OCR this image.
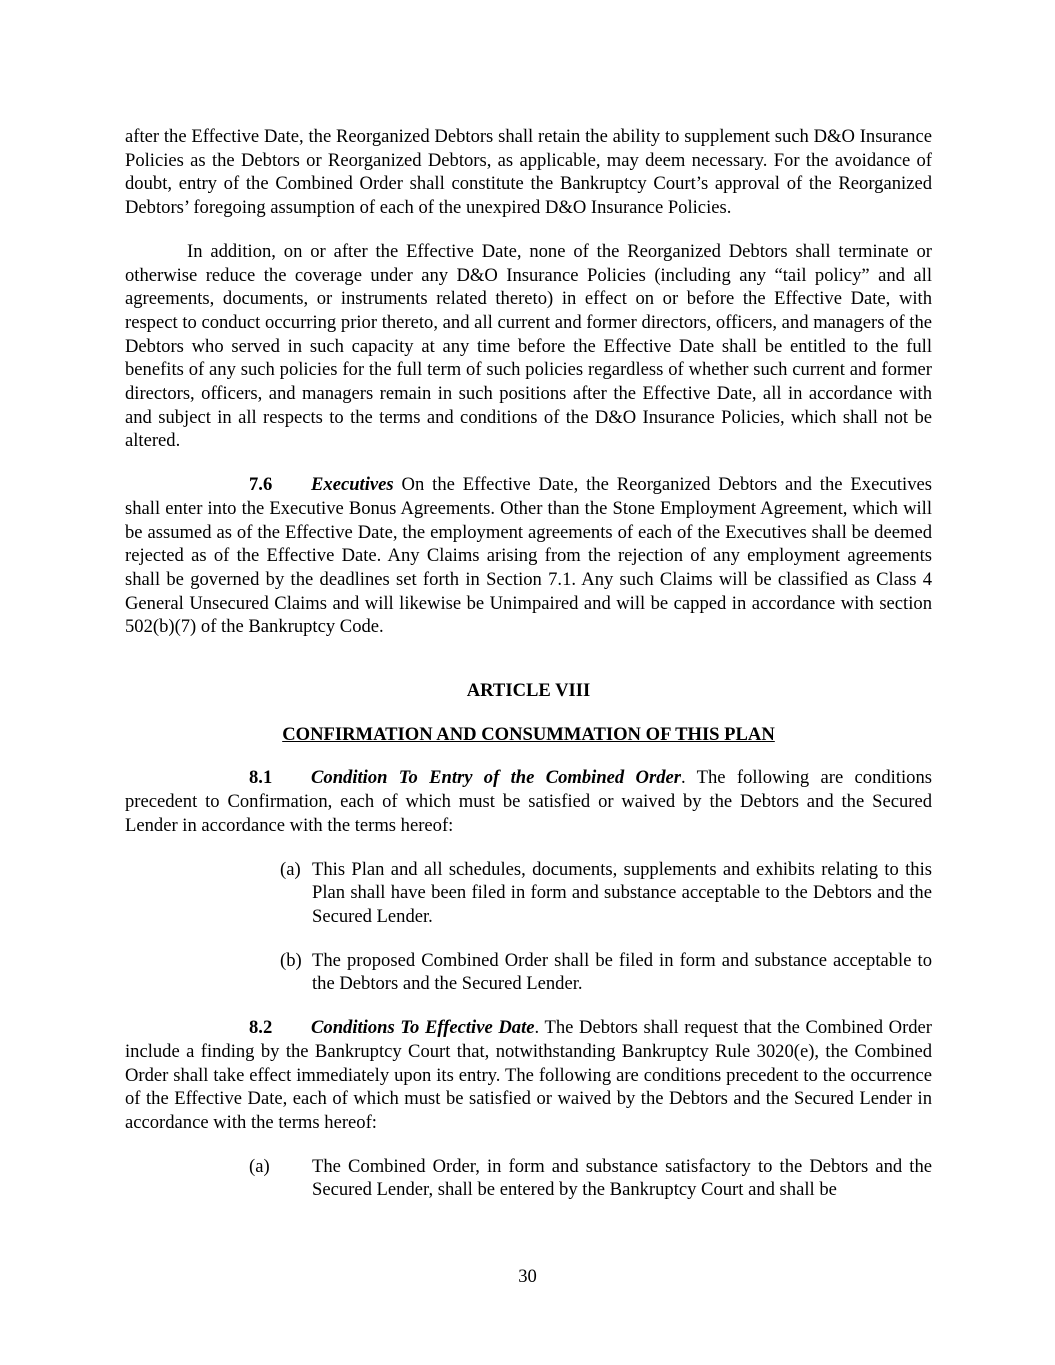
after the Effective Date, the Reorganized Debtors shall retain the ability to supplement such D&O Insurance Policies as the Debtors or Reorganized Debtors, as applicable, may deem necessary. For the avoidance of doubt, entry of the Combined Order shall constitute the Bankruptcy Court’s approval of the Reorganized Debtors’ foregoing assumption of each of the unexpired D&O Insurance Policies.

In addition, on or after the Effective Date, none of the Reorganized Debtors shall terminate or otherwise reduce the coverage under any D&O Insurance Policies (including any “tail policy” and all agreements, documents, or instruments related thereto) in effect on or before the Effective Date, with respect to conduct occurring prior thereto, and all current and former directors, officers, and managers of the Debtors who served in such capacity at any time before the Effective Date shall be entitled to the full benefits of any such policies for the full term of such policies regardless of whether such current and former directors, officers, and managers remain in such positions after the Effective Date, all in accordance with and subject in all respects to the terms and conditions of the D&O Insurance Policies, which shall not be altered.

7.6 Executives On the Effective Date, the Reorganized Debtors and the Executives shall enter into the Executive Bonus Agreements. Other than the Stone Employment Agreement, which will be assumed as of the Effective Date, the employment agreements of each of the Executives shall be deemed rejected as of the Effective Date. Any Claims arising from the rejection of any employment agreements shall be governed by the deadlines set forth in Section 7.1. Any such Claims will be classified as Class 4 General Unsecured Claims and will likewise be Unimpaired and will be capped in accordance with section 502(b)(7) of the Bankruptcy Code.

ARTICLE VIII

CONFIRMATION AND CONSUMMATION OF THIS PLAN

8.1 Condition To Entry of the Combined Order. The following are conditions precedent to Confirmation, each of which must be satisfied or waived by the Debtors and the Secured Lender in accordance with the terms hereof:

(a) This Plan and all schedules, documents, supplements and exhibits relating to this Plan shall have been filed in form and substance acceptable to the Debtors and the Secured Lender.
(b) The proposed Combined Order shall be filed in form and substance acceptable to the Debtors and the Secured Lender.

8.2 Conditions To Effective Date. The Debtors shall request that the Combined Order include a finding by the Bankruptcy Court that, notwithstanding Bankruptcy Rule 3020(e), the Combined Order shall take effect immediately upon its entry. The following are conditions precedent to the occurrence of the Effective Date, each of which must be satisfied or waived by the Debtors and the Secured Lender in accordance with the terms hereof:

(a) The Combined Order, in form and substance satisfactory to the Debtors and the Secured Lender, shall be entered by the Bankruptcy Court and shall be
30
